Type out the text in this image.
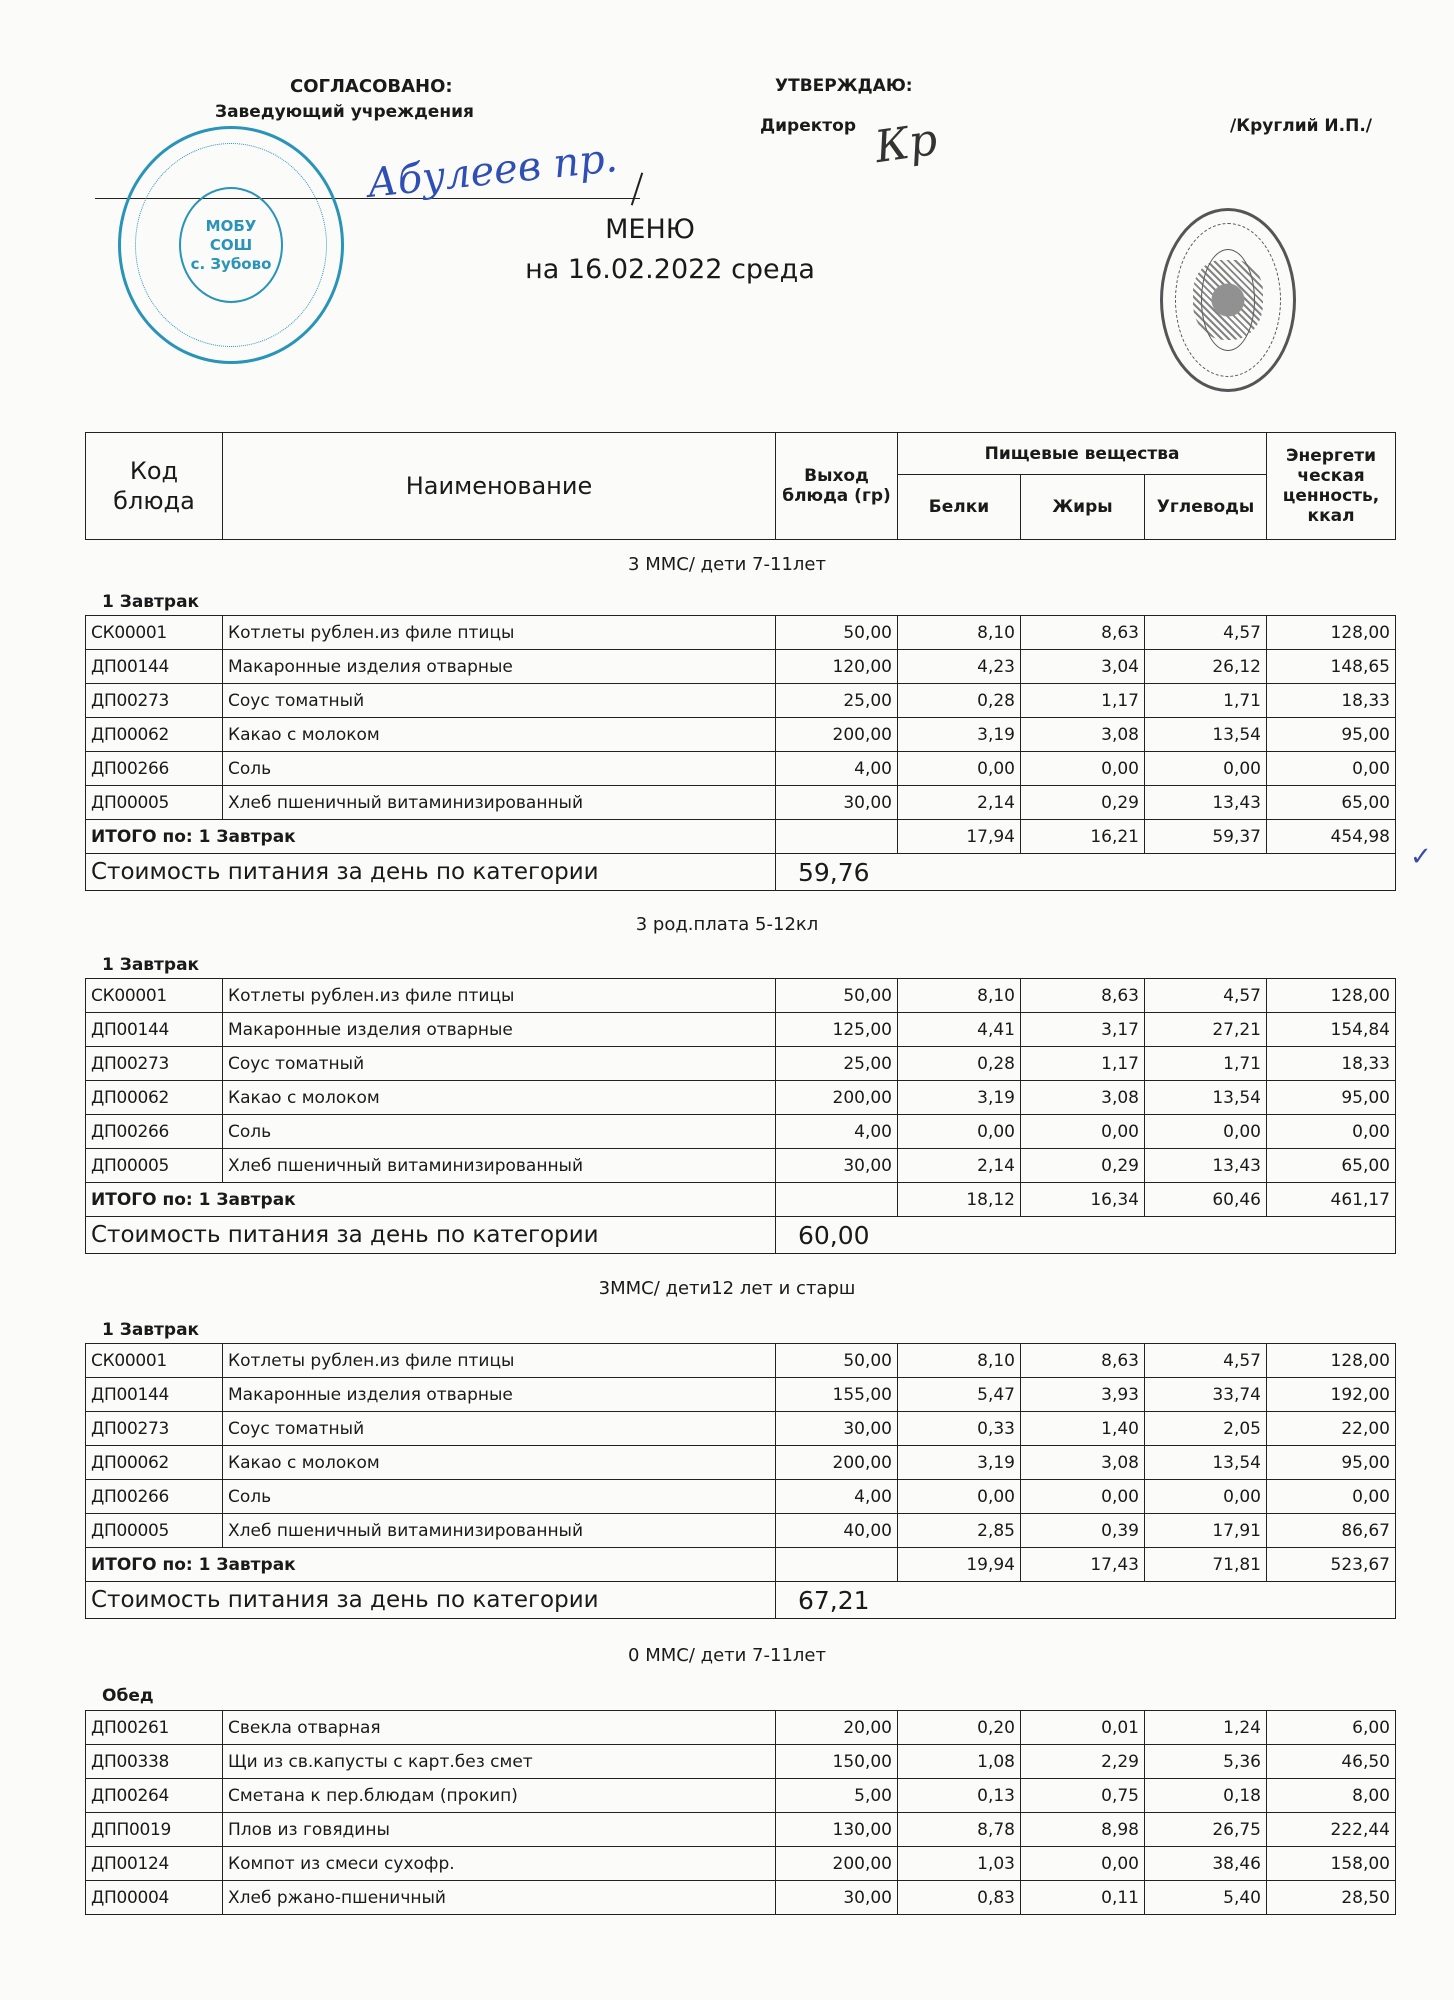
СОГЛАСОВАНО:
Заведующий учреждения
Абулеев пр.
МОБУ
СОШ
с. Зубово
УТВЕРЖДАЮ:
Директор Кр	/Круглий И.П./
МЕНЮ
на 16.02.2022 среда
Код блюда	Наименование	Выход блюда (гр)	Пищевые вещества			Энергети ческая ценность, ккал
			Белки	Жиры	Углеводы	
3 ММС/ дети 7-11лет
1 Завтрак
СК00001	Котлеты рублен.из филе птицы	50,00	8,10	8,63	4,57	128,00
ДП00144	Макаронные изделия отварные	120,00	4,23	3,04	26,12	148,65
ДП00273	Соус томатный	25,00	0,28	1,17	1,71	18,33
ДП00062	Какао с молоком	200,00	3,19	3,08	13,54	95,00
ДП00266	Соль	4,00	0,00	0,00	0,00	0,00
ДП00005	Хлеб пшеничный витаминизированный	30,00	2,14	0,29	13,43	65,00
ИТОГО по: 1 Завтрак			17,94	16,21	59,37	454,98
Стоимость питания за день по категории		59,76					✓
3 род.плата 5-12кл
1 Завтрак
СК00001	Котлеты рублен.из филе птицы	50,00	8,10	8,63	4,57	128,00
ДП00144	Макаронные изделия отварные	125,00	4,41	3,17	27,21	154,84
ДП00273	Соус томатный	25,00	0,28	1,17	1,71	18,33
ДП00062	Какао с молоком	200,00	3,19	3,08	13,54	95,00
ДП00266	Соль	4,00	0,00	0,00	0,00	0,00
ДП00005	Хлеб пшеничный витаминизированный	30,00	2,14	0,29	13,43	65,00
ИТОГО по: 1 Завтрак			18,12	16,34	60,46	461,17
Стоимость питания за день по категории		60,00				
3ММС/ дети12 лет и старш
1 Завтрак
СК00001	Котлеты рублен.из филе птицы	50,00	8,10	8,63	4,57	128,00
ДП00144	Макаронные изделия отварные	155,00	5,47	3,93	33,74	192,00
ДП00273	Соус томатный	30,00	0,33	1,40	2,05	22,00
ДП00062	Какао с молоком	200,00	3,19	3,08	13,54	95,00
ДП00266	Соль	4,00	0,00	0,00	0,00	0,00
ДП00005	Хлеб пшеничный витаминизированный	40,00	2,85	0,39	17,91	86,67
ИТОГО по: 1 Завтрак			19,94	17,43	71,81	523,67
Стоимость питания за день по категории		67,21				
0 ММС/ дети 7-11лет
Обед
ДП00261	Свекла отварная	20,00	0,20	0,01	1,24	6,00
ДП00338	Щи из св.капусты с карт.без смет	150,00	1,08	2,29	5,36	46,50
ДП00264	Сметана к пер.блюдам (прокип)	5,00	0,13	0,75	0,18	8,00
ДПП0019	Плов из говядины	130,00	8,78	8,98	26,75	222,44
ДП00124	Компот из смеси сухофр.	200,00	1,03	0,00	38,46	158,00
ДП00004	Хлеб ржано-пшеничный	30,00	0,83	0,11	5,40	28,50
